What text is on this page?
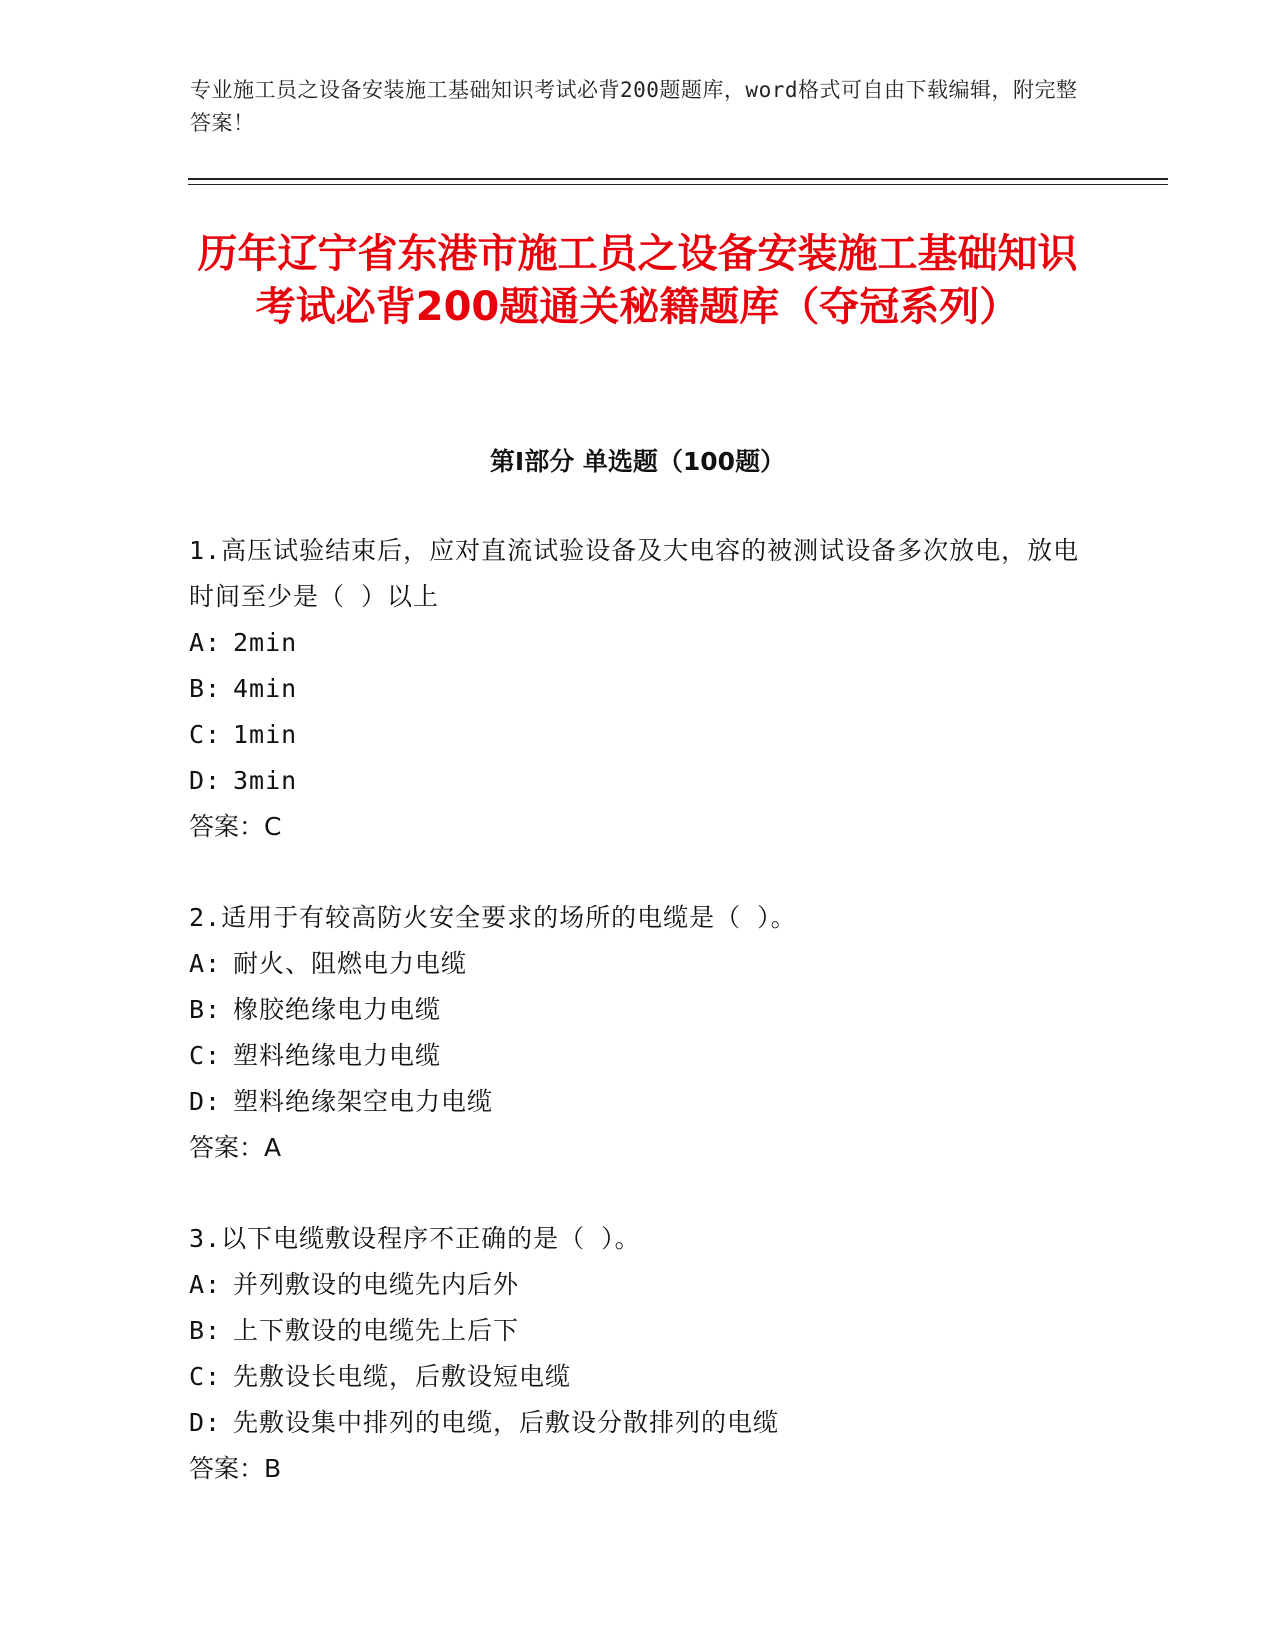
专业施工员之设备安装施工基础知识考试必背200题题库，word格式可自由下载编辑，附完整答案！
历年辽宁省东港市施工员之设备安装施工基础知识考试必背200题通关秘籍题库（夺冠系列）
第Ⅰ部分 单选题（100题）
1.高压试验结束后，应对直流试验设备及大电容的被测试设备多次放电，放电时间至少是（ ）以上
A: 2min
B: 4min
C: 1min
D: 3min
答案：C
2.适用于有较高防火安全要求的场所的电缆是（ ）。
A: 耐火、阻燃电力电缆
B: 橡胶绝缘电力电缆
C: 塑料绝缘电力电缆
D: 塑料绝缘架空电力电缆
答案：A
3.以下电缆敷设程序不正确的是（ ）。
A: 并列敷设的电缆先内后外
B: 上下敷设的电缆先上后下
C: 先敷设长电缆，后敷设短电缆
D: 先敷设集中排列的电缆，后敷设分散排列的电缆
答案：B
